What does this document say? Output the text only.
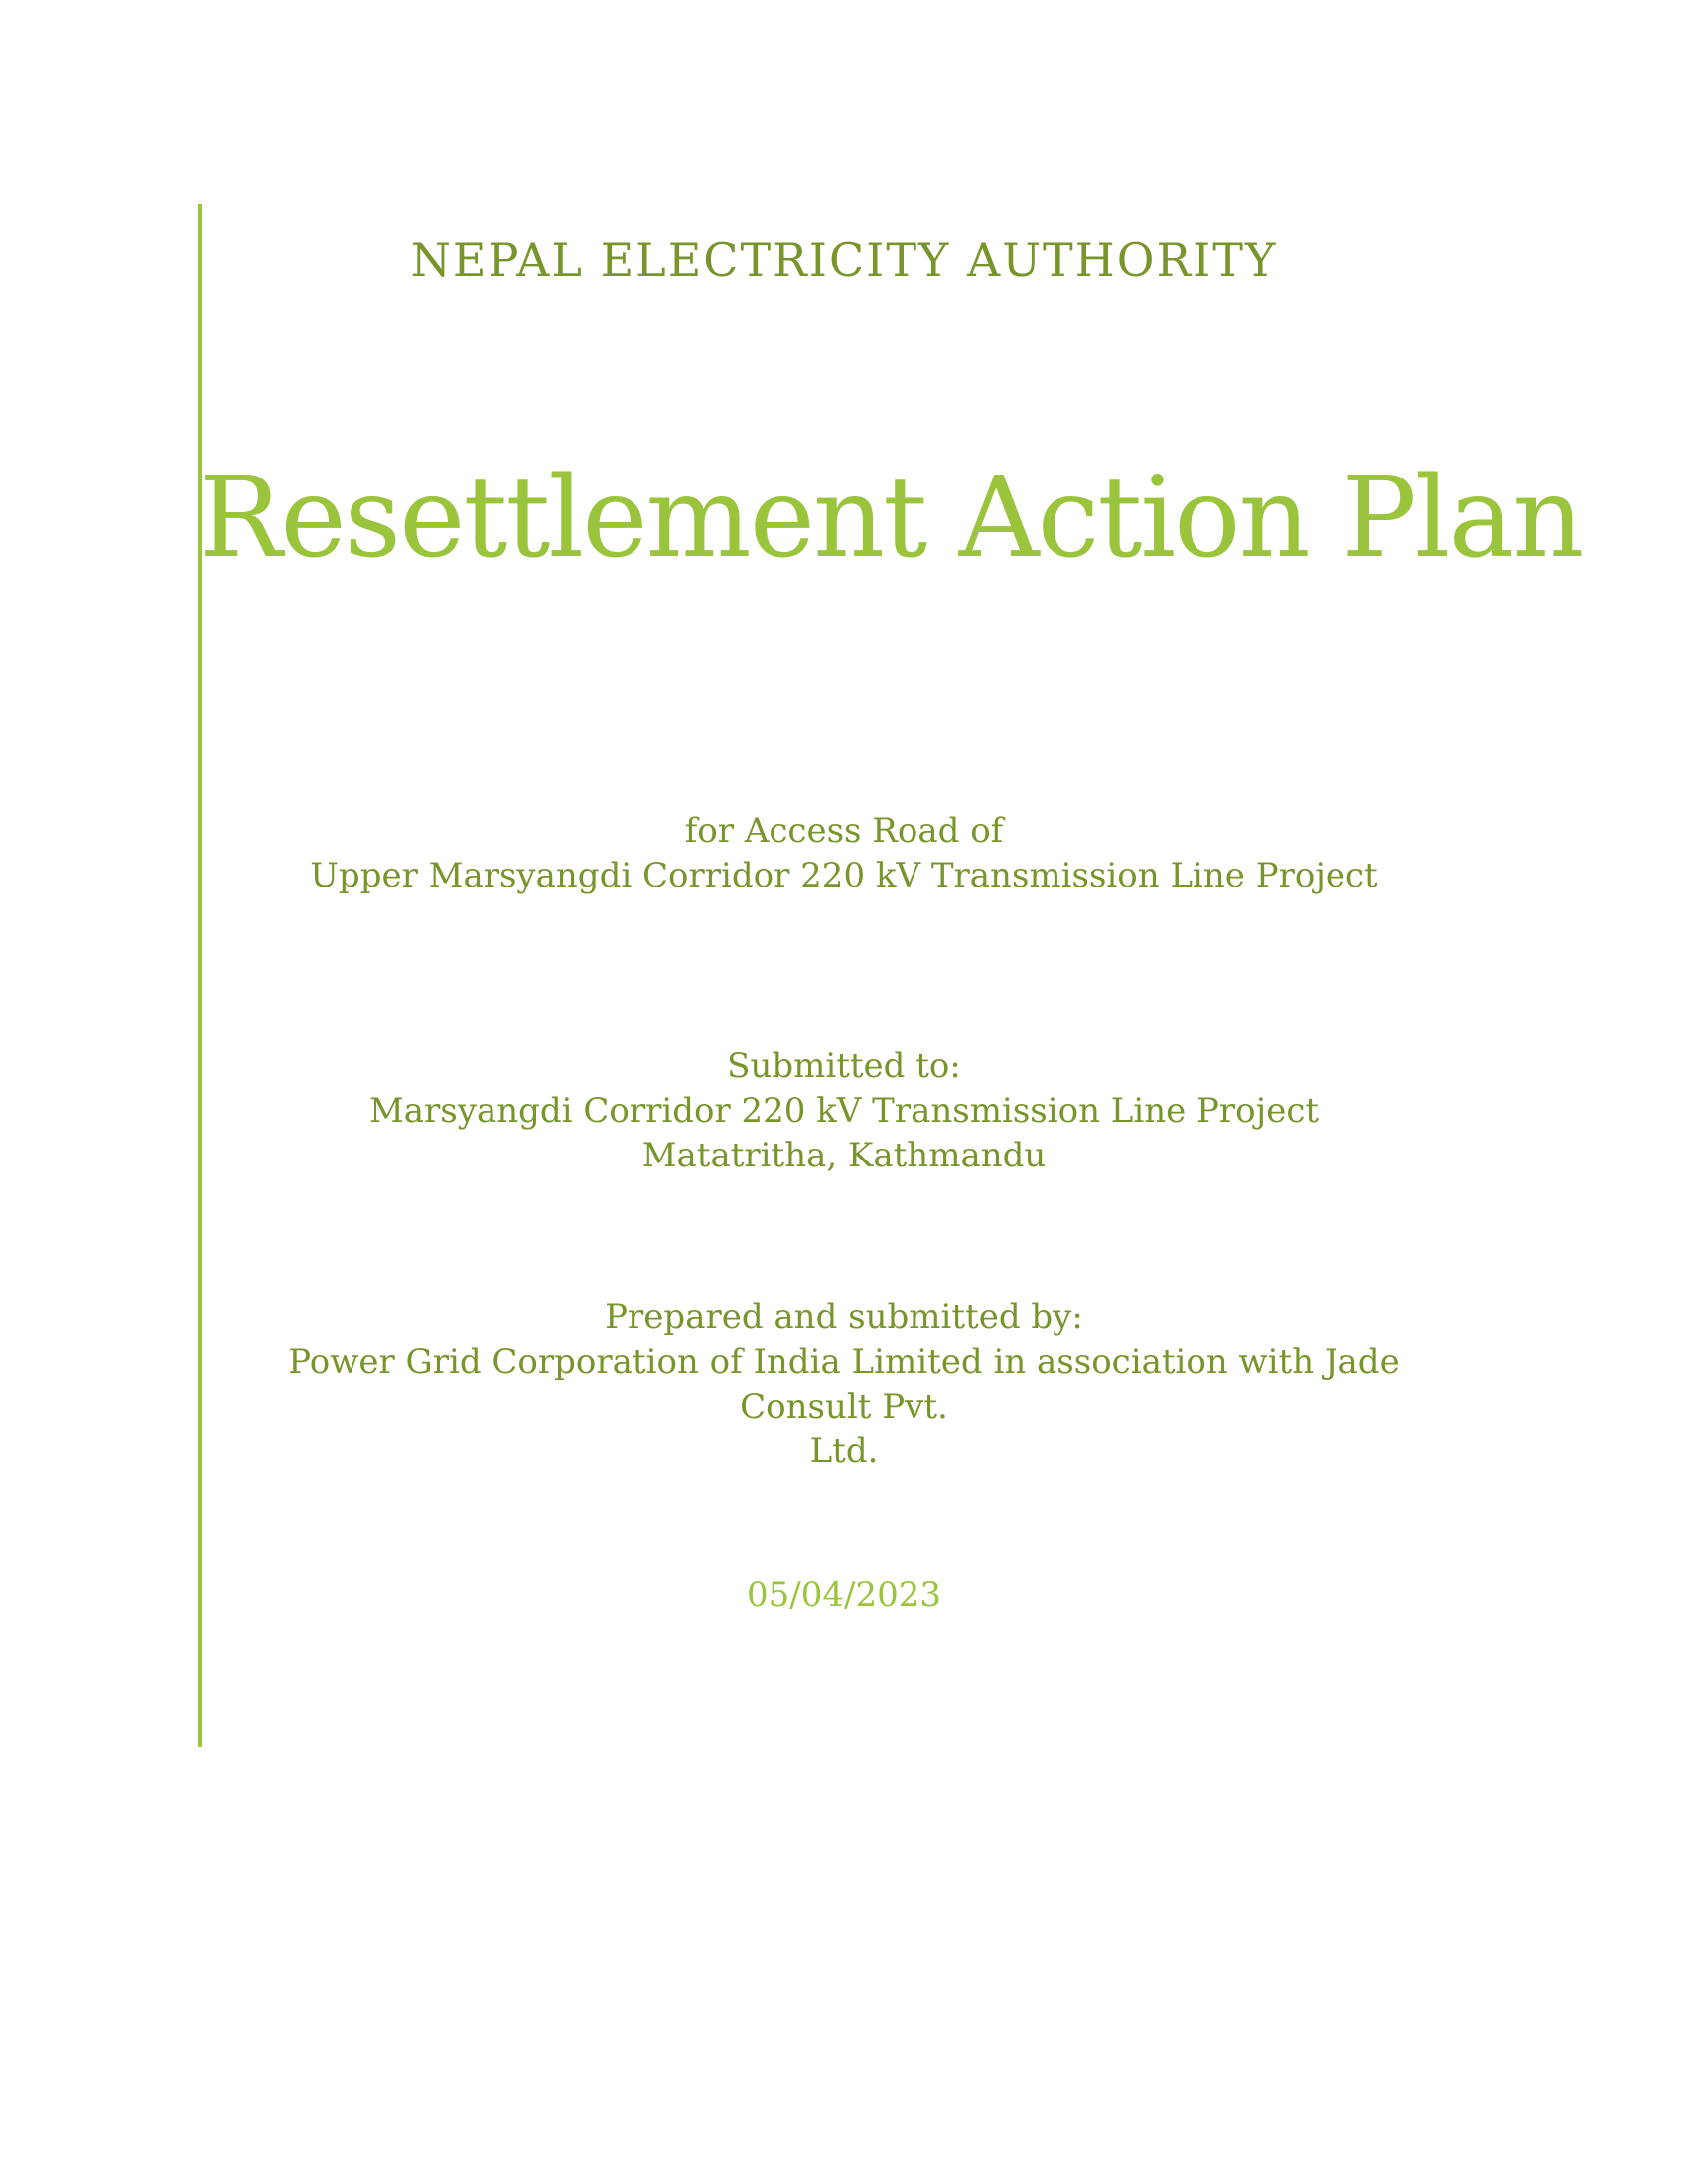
NEPAL ELECTRICITY AUTHORITY
Resettlement Action Plan
for Access Road of
Upper Marsyangdi Corridor 220 kV Transmission Line Project
Submitted to:
Marsyangdi Corridor 220 kV Transmission Line Project
Matatritha, Kathmandu
Prepared and submitted by:
Power Grid Corporation of India Limited in association with Jade Consult Pvt.
Ltd.
05/04/2023
